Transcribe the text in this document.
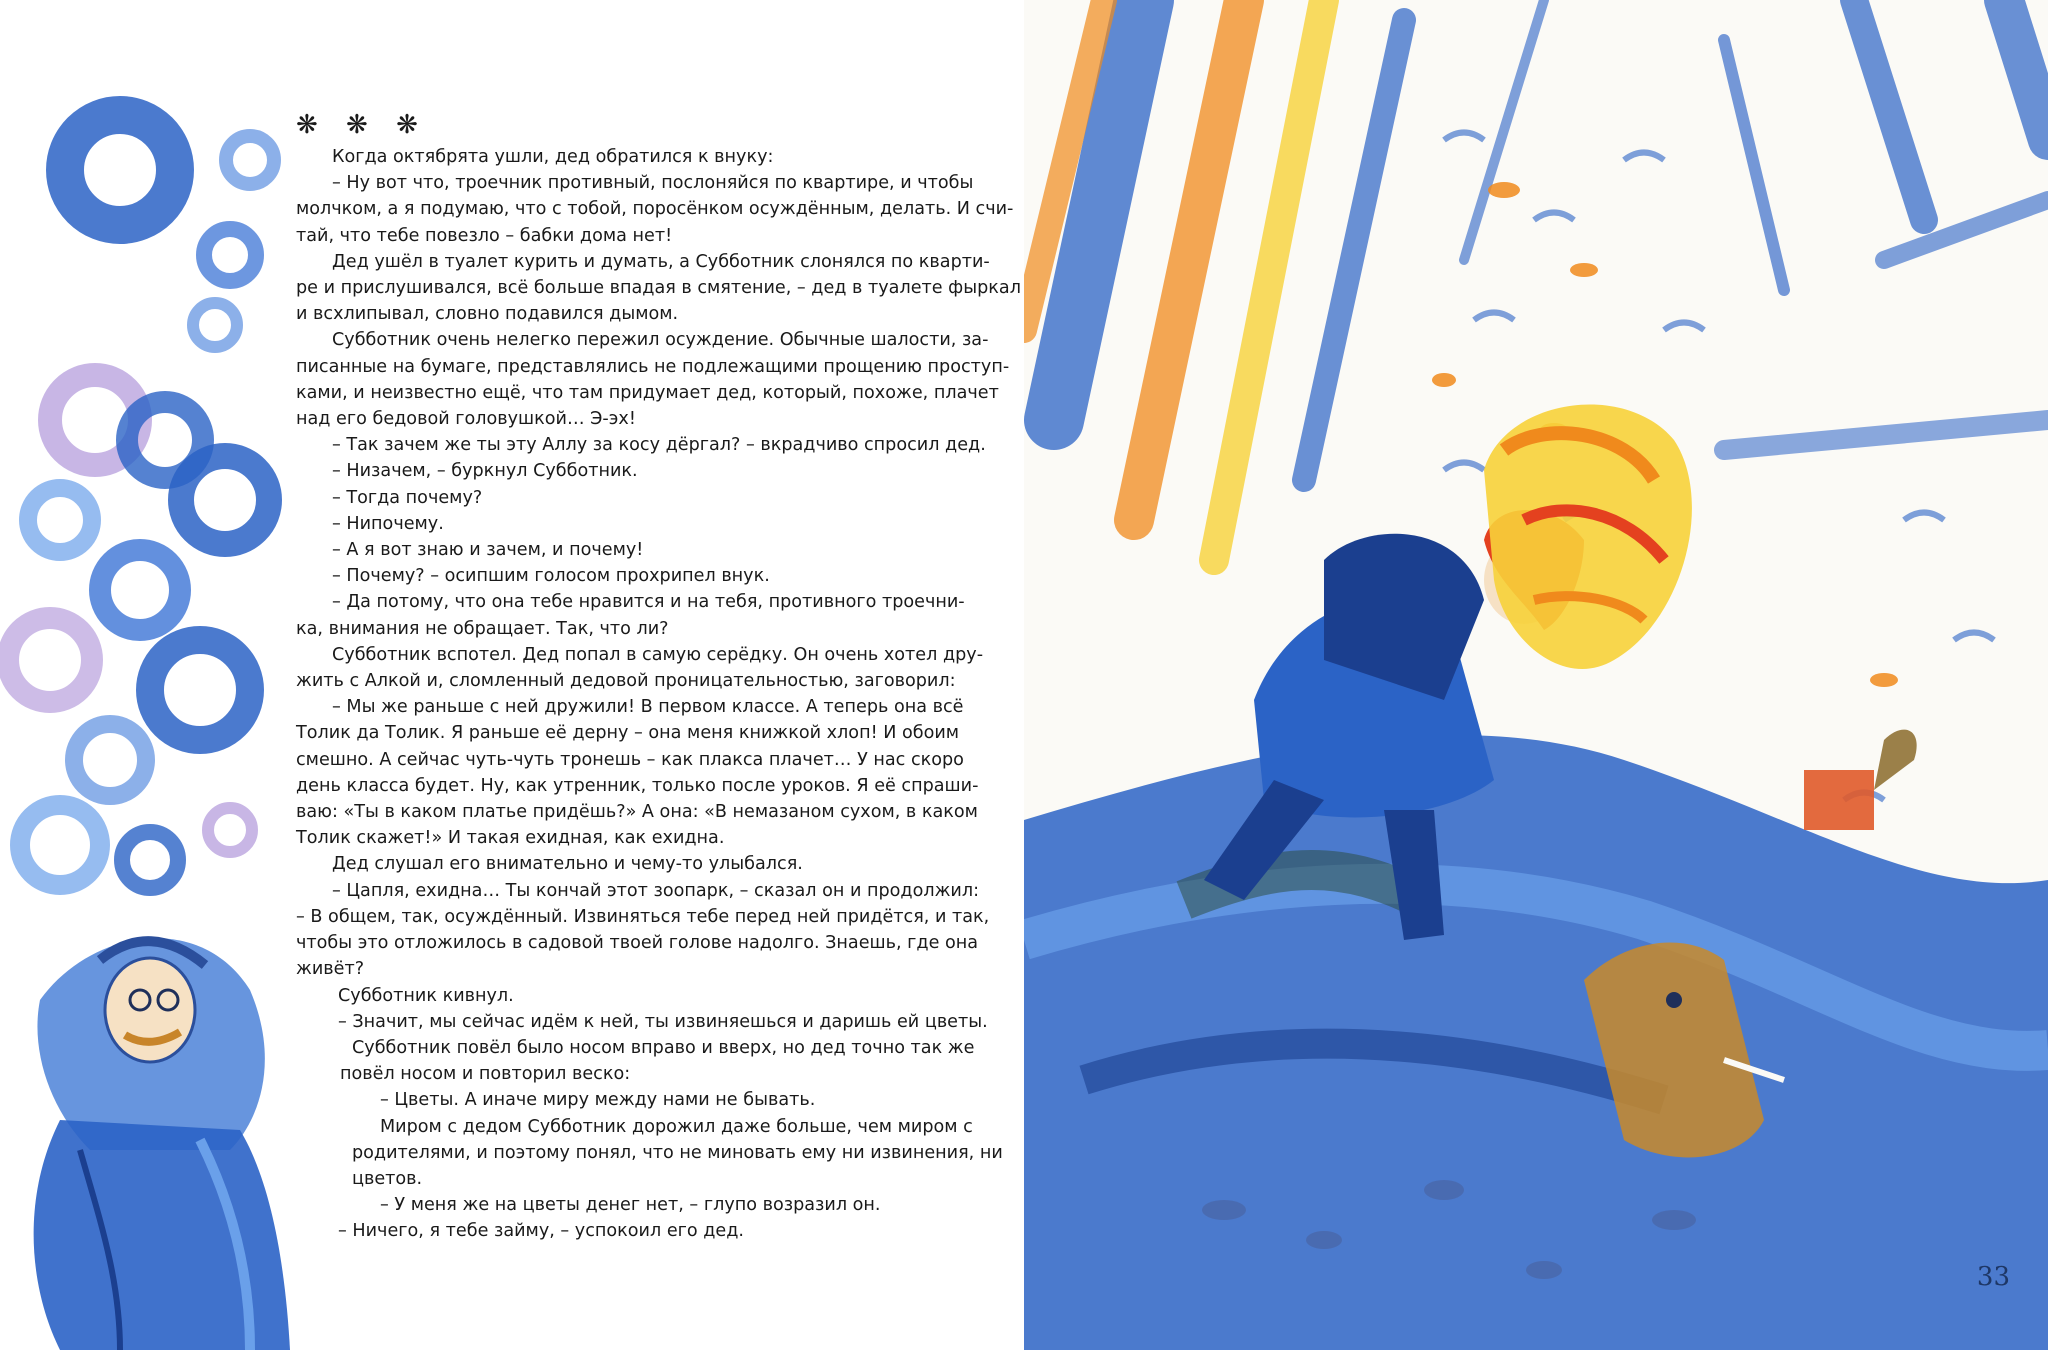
❋ ❋ ❋
Когда октябрята ушли, дед обратился к внуку:
– Ну вот что, троечник противный, послоняйся по квартире, и чтобы
молчком, а я подумаю, что с тобой, поросёнком осуждённым, делать. И счи-
тай, что тебе повезло – бабки дома нет!
Дед ушёл в туалет курить и думать, а Субботник слонялся по кварти-
ре и прислушивался, всё больше впадая в смятение, – дед в туалете фыркал
и всхлипывал, словно подавился дымом.
Субботник очень нелегко пережил осуждение. Обычные шалости, за-
писанные на бумаге, представлялись не подлежащими прощению проступ-
ками, и неизвестно ещё, что там придумает дед, который, похоже, плачет
над его бедовой головушкой… Э-эх!
– Так зачем же ты эту Аллу за косу дёргал? – вкрадчиво спросил дед.
– Низачем, – буркнул Субботник.
– Тогда почему?
– Нипочему.
– А я вот знаю и зачем, и почему!
– Почему? – осипшим голосом прохрипел внук.
– Да потому, что она тебе нравится и на тебя, противного троечни-
ка, внимания не обращает. Так, что ли?
Субботник вспотел. Дед попал в самую серёдку. Он очень хотел дру-
жить с Алкой и, сломленный дедовой проницательностью, заговорил:
– Мы же раньше с ней дружили! В первом классе. А теперь она всё
Толик да Толик. Я раньше её дерну – она меня книжкой хлоп! И обоим
смешно. А сейчас чуть-чуть тронешь – как плакса плачет… У нас скоро
день класса будет. Ну, как утренник, только после уроков. Я её спраши-
ваю: «Ты в каком платье придёшь?» А она: «В немазаном сухом, в каком
Толик скажет!» И такая ехидная, как ехидна.
Дед слушал его внимательно и чему-то улыбался.
– Цапля, ехидна… Ты кончай этот зоопарк, – сказал он и продолжил:
– В общем, так, осуждённый. Извиняться тебе перед ней придётся, и так,
чтобы это отложилось в садовой твоей голове надолго. Знаешь, где она
живёт?
Субботник кивнул.
– Значит, мы сейчас идём к ней, ты извиняешься и даришь ей цветы.
Субботник повёл было носом вправо и вверх, но дед точно так же
повёл носом и повторил веско:
– Цветы. А иначе миру между нами не бывать.
Миром с дедом Субботник дорожил даже больше, чем миром с
родителями, и поэтому понял, что не миновать ему ни извинения, ни
цветов.
– У меня же на цветы денег нет, – глупо возразил он.
– Ничего, я тебе займу, – успокоил его дед.
33
